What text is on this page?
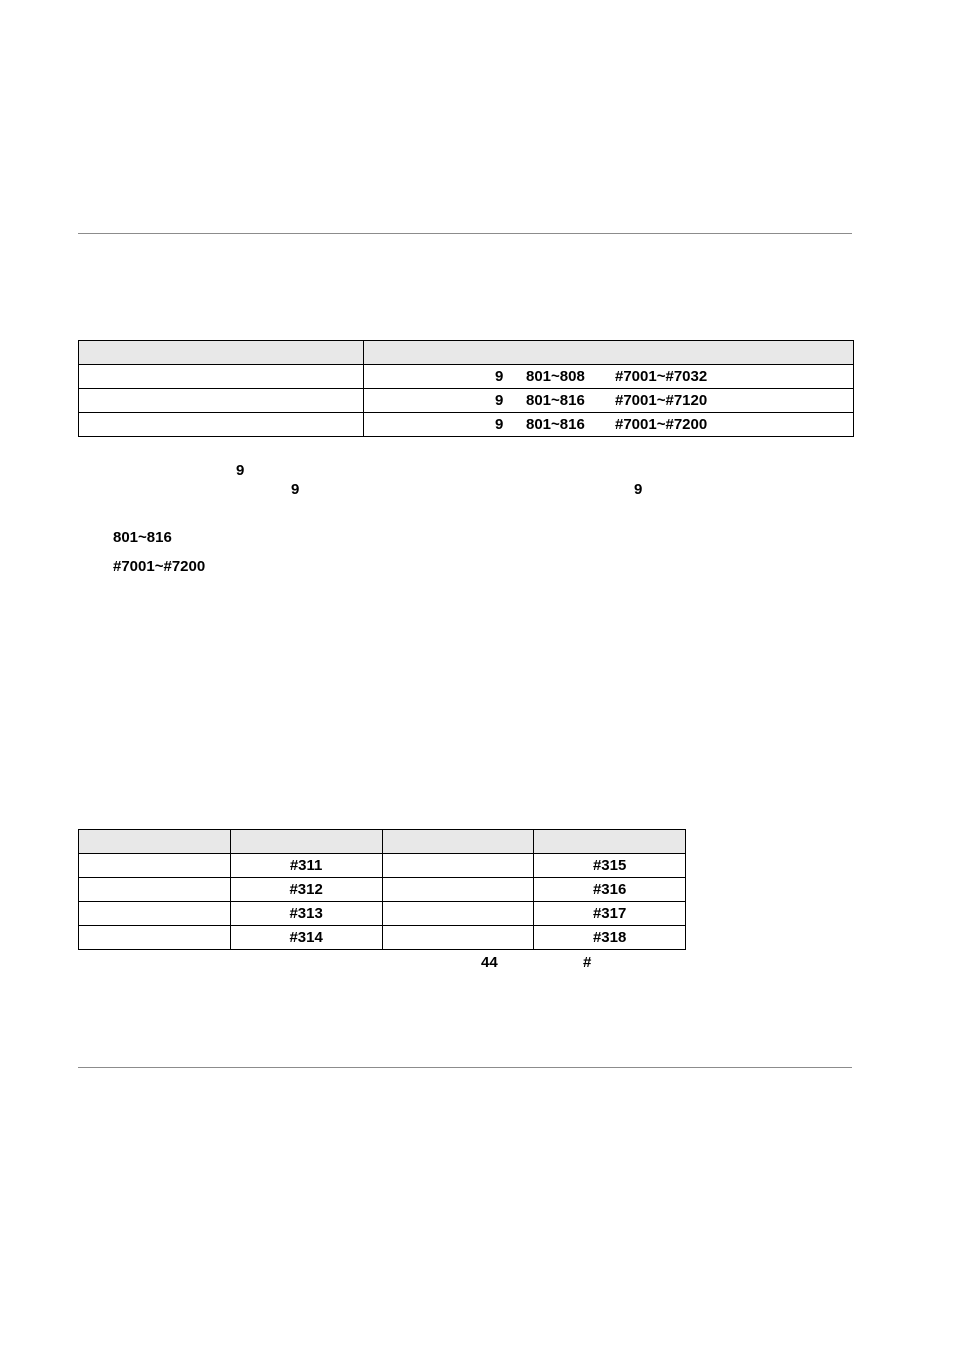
	9 801~808 #7001~#7032

	9 801~816 #7001~#7120

	9 801~816 #7001~#7200
9
9	9
801~816
#7001~#7200

	#311		#315
	#312		#316
	#313		#317
	#314		#318
44	#
